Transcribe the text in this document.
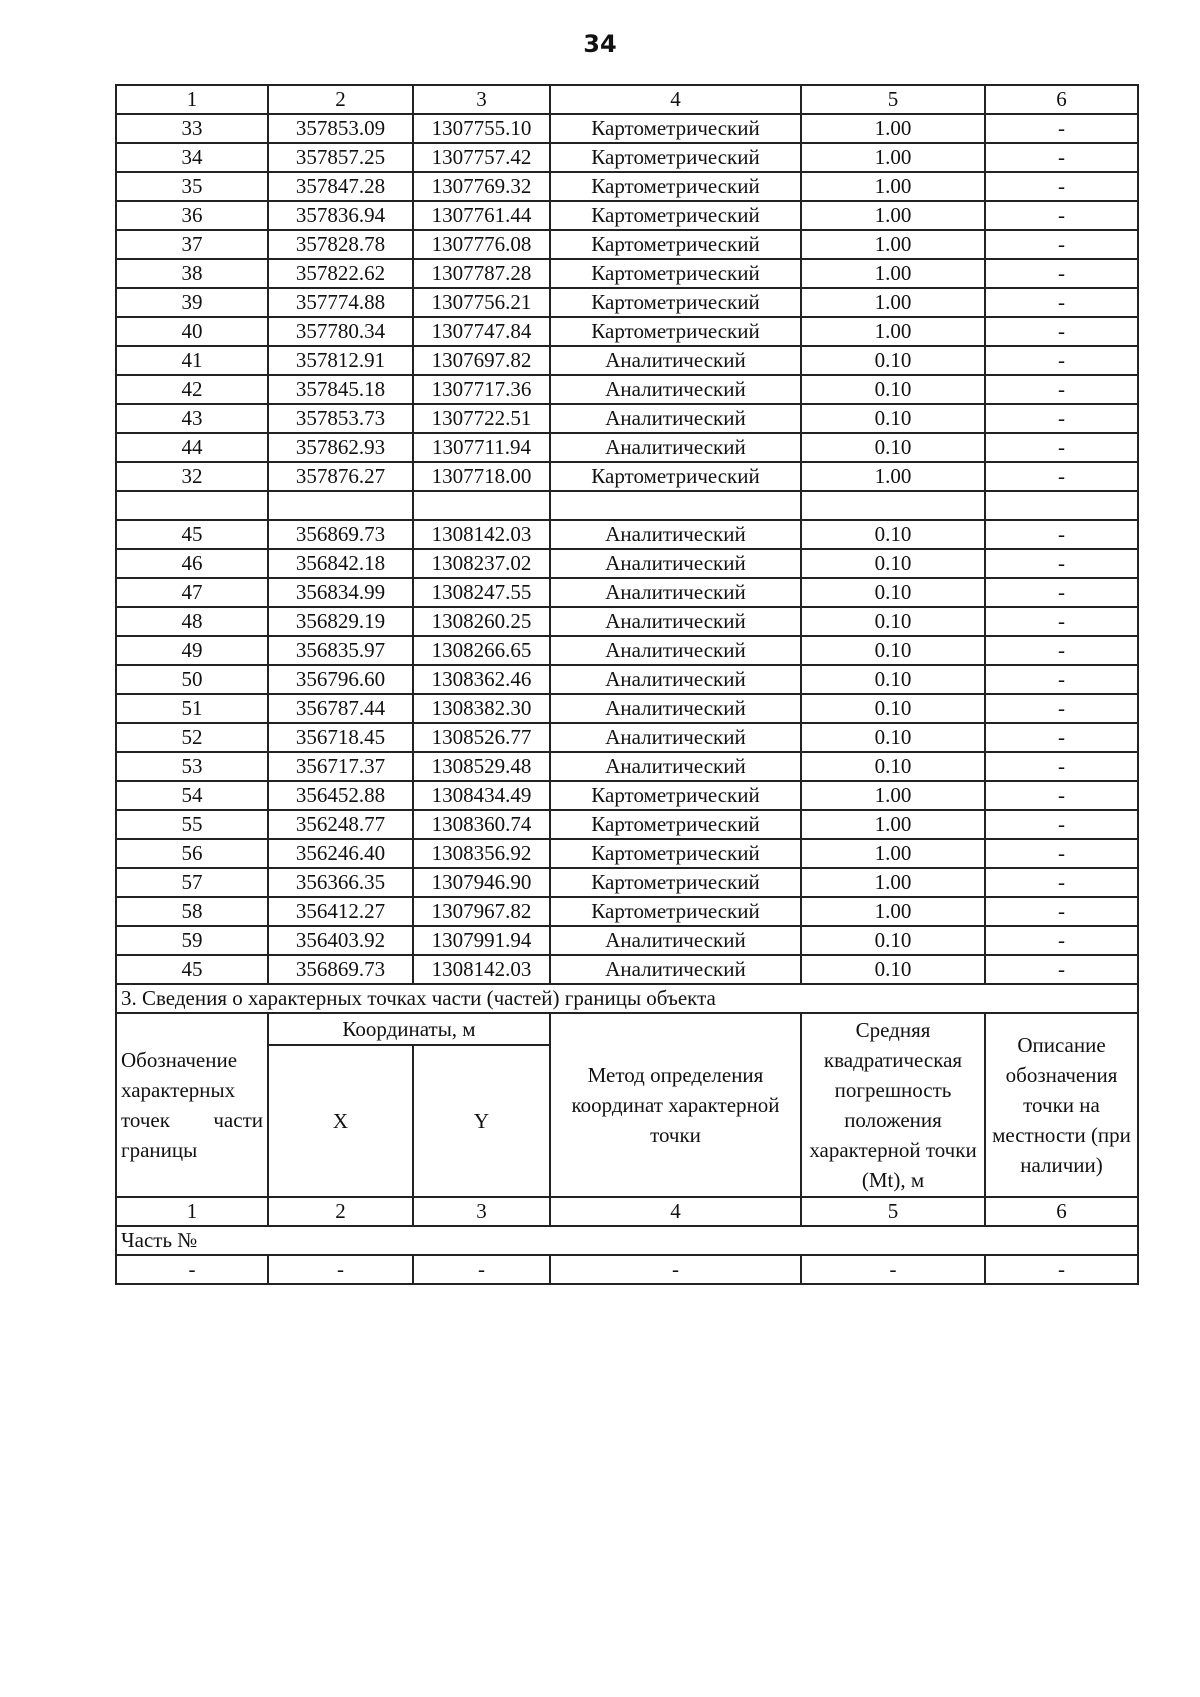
34
1	2	3	4	5	6
33	357853.09	1307755.10	Картометрический	1.00	-
34	357857.25	1307757.42	Картометрический	1.00	-
35	357847.28	1307769.32	Картометрический	1.00	-
36	357836.94	1307761.44	Картометрический	1.00	-
37	357828.78	1307776.08	Картометрический	1.00	-
38	357822.62	1307787.28	Картометрический	1.00	-
39	357774.88	1307756.21	Картометрический	1.00	-
40	357780.34	1307747.84	Картометрический	1.00	-
41	357812.91	1307697.82	Аналитический	0.10	-
42	357845.18	1307717.36	Аналитический	0.10	-
43	357853.73	1307722.51	Аналитический	0.10	-
44	357862.93	1307711.94	Аналитический	0.10	-
32	357876.27	1307718.00	Картометрический	1.00	-

45	356869.73	1308142.03	Аналитический	0.10	-
46	356842.18	1308237.02	Аналитический	0.10	-
47	356834.99	1308247.55	Аналитический	0.10	-
48	356829.19	1308260.25	Аналитический	0.10	-
49	356835.97	1308266.65	Аналитический	0.10	-
50	356796.60	1308362.46	Аналитический	0.10	-
51	356787.44	1308382.30	Аналитический	0.10	-
52	356718.45	1308526.77	Аналитический	0.10	-
53	356717.37	1308529.48	Аналитический	0.10	-
54	356452.88	1308434.49	Картометрический	1.00	-
55	356248.77	1308360.74	Картометрический	1.00	-
56	356246.40	1308356.92	Картометрический	1.00	-
57	356366.35	1307946.90	Картометрический	1.00	-
58	356412.27	1307967.82	Картометрический	1.00	-
59	356403.92	1307991.94	Аналитический	0.10	-
45	356869.73	1308142.03	Аналитический	0.10	-
3. Сведения о характерных точках части (частей) границы объекта					

Обозначение
характерных
точек части
границы	Координаты, м		Метод определения координат характерной точки	Средняя квадратическая погрешность положения характерной точки (Mt), м	Описание обозначения точки на местности (при наличии)
	X	Y			
1	2	3	4	5	6
Часть №					
-	-	-	-	-	-
